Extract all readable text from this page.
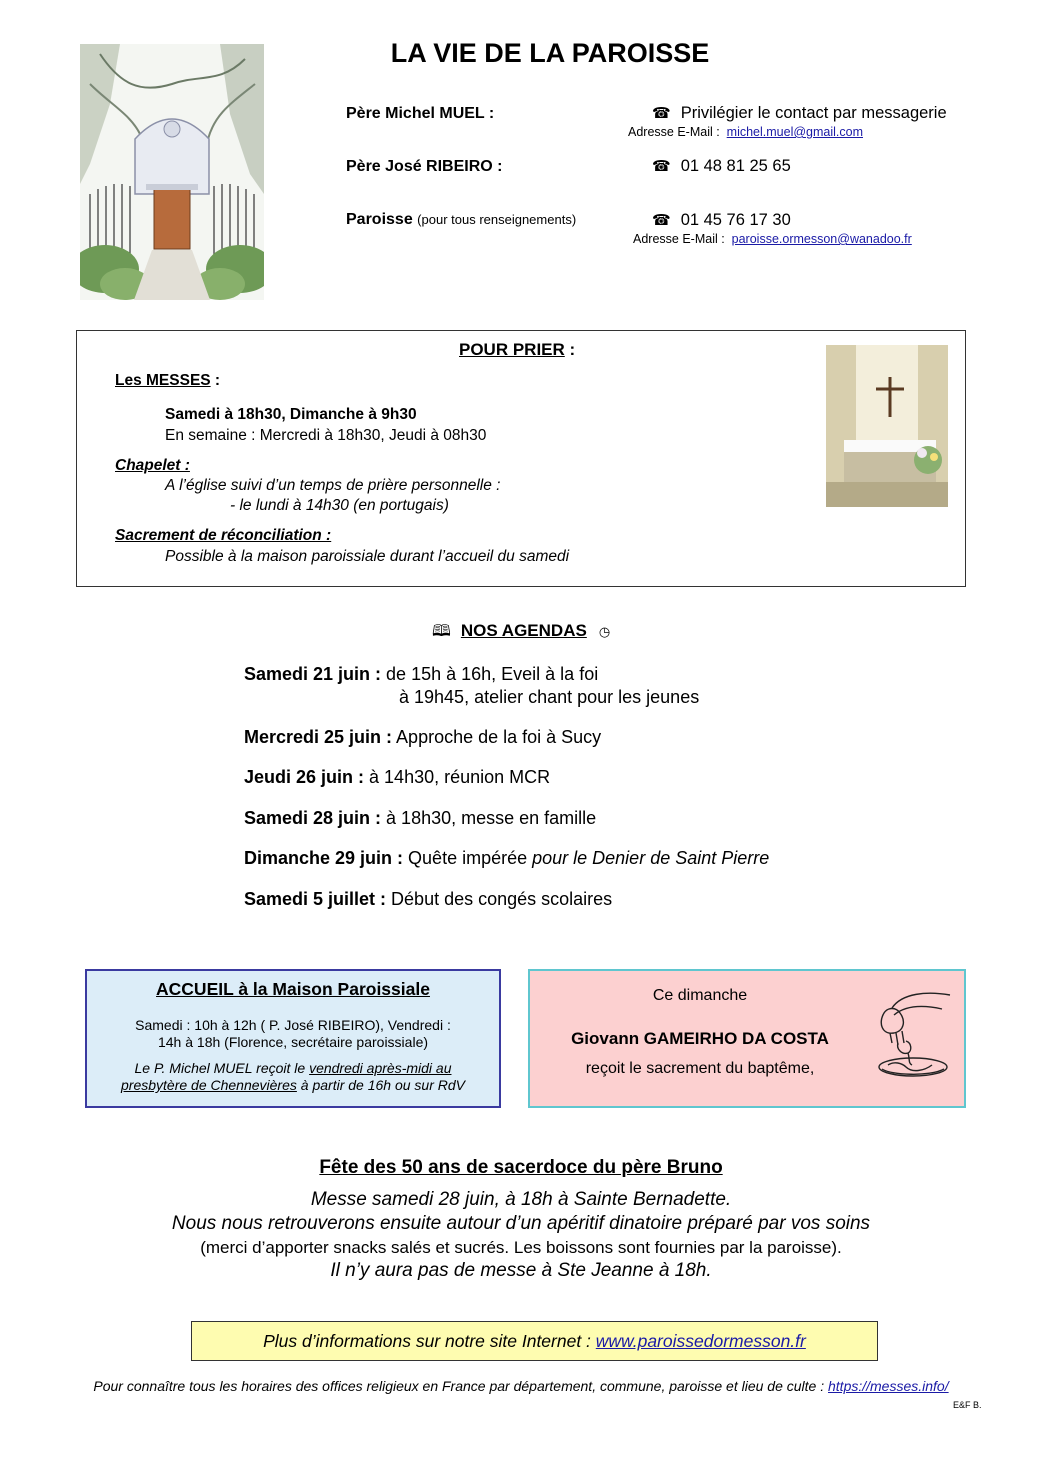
LA VIE DE LA PAROISSE
Père Michel MUEL :	☎ Privilégier le contact par messagerie
Adresse E-Mail : michel.muel@gmail.com
Père José RIBEIRO :	☎ 01 48 81 25 65
Paroisse (pour tous renseignements)	☎ 01 45 76 17 30
Adresse E-Mail : paroisse.ormesson@wanadoo.fr
POUR PRIER :
Les MESSES :
Samedi à 18h30, Dimanche à 9h30
En semaine : Mercredi à 18h30, Jeudi à 08h30
Chapelet :
A l’église suivi d’un temps de prière personnelle :
- le lundi à 14h30 (en portugais)
Sacrement de réconciliation :
Possible à la maison paroissiale durant l’accueil du samedi
🕮 NOS AGENDAS ◷
Samedi 21 juin : de 15h à 16h, Eveil à la foi
à 19h45, atelier chant pour les jeunes
Mercredi 25 juin : Approche de la foi à Sucy
Jeudi 26 juin : à 14h30, réunion MCR
Samedi 28 juin : à 18h30, messe en famille
Dimanche 29 juin : Quête impérée pour le Denier de Saint Pierre
Samedi 5 juillet : Début des congés scolaires
ACCUEIL à la Maison Paroissiale
Samedi : 10h à 12h ( P. José RIBEIRO), Vendredi :
14h à 18h (Florence, secrétaire paroissiale)
Le P. Michel MUEL reçoit le vendredi après-midi au
presbytère de Chennevières à partir de 16h ou sur RdV
Ce dimanche
Giovann GAMEIRHO DA COSTA
reçoit le sacrement du baptême,
Fête des 50 ans de sacerdoce du père Bruno
Messe samedi 28 juin, à 18h à Sainte Bernadette.
Nous nous retrouverons ensuite autour d’un apéritif dinatoire préparé par vos soins
(merci d’apporter snacks salés et sucrés. Les boissons sont fournies par la paroisse).
Il n’y aura pas de messe à Ste Jeanne à 18h.
Plus d’informations sur notre site Internet : www.paroissedormesson.fr
Pour connaître tous les horaires des offices religieux en France par département, commune, paroisse et lieu de culte : https://messes.info/
E&F B.
